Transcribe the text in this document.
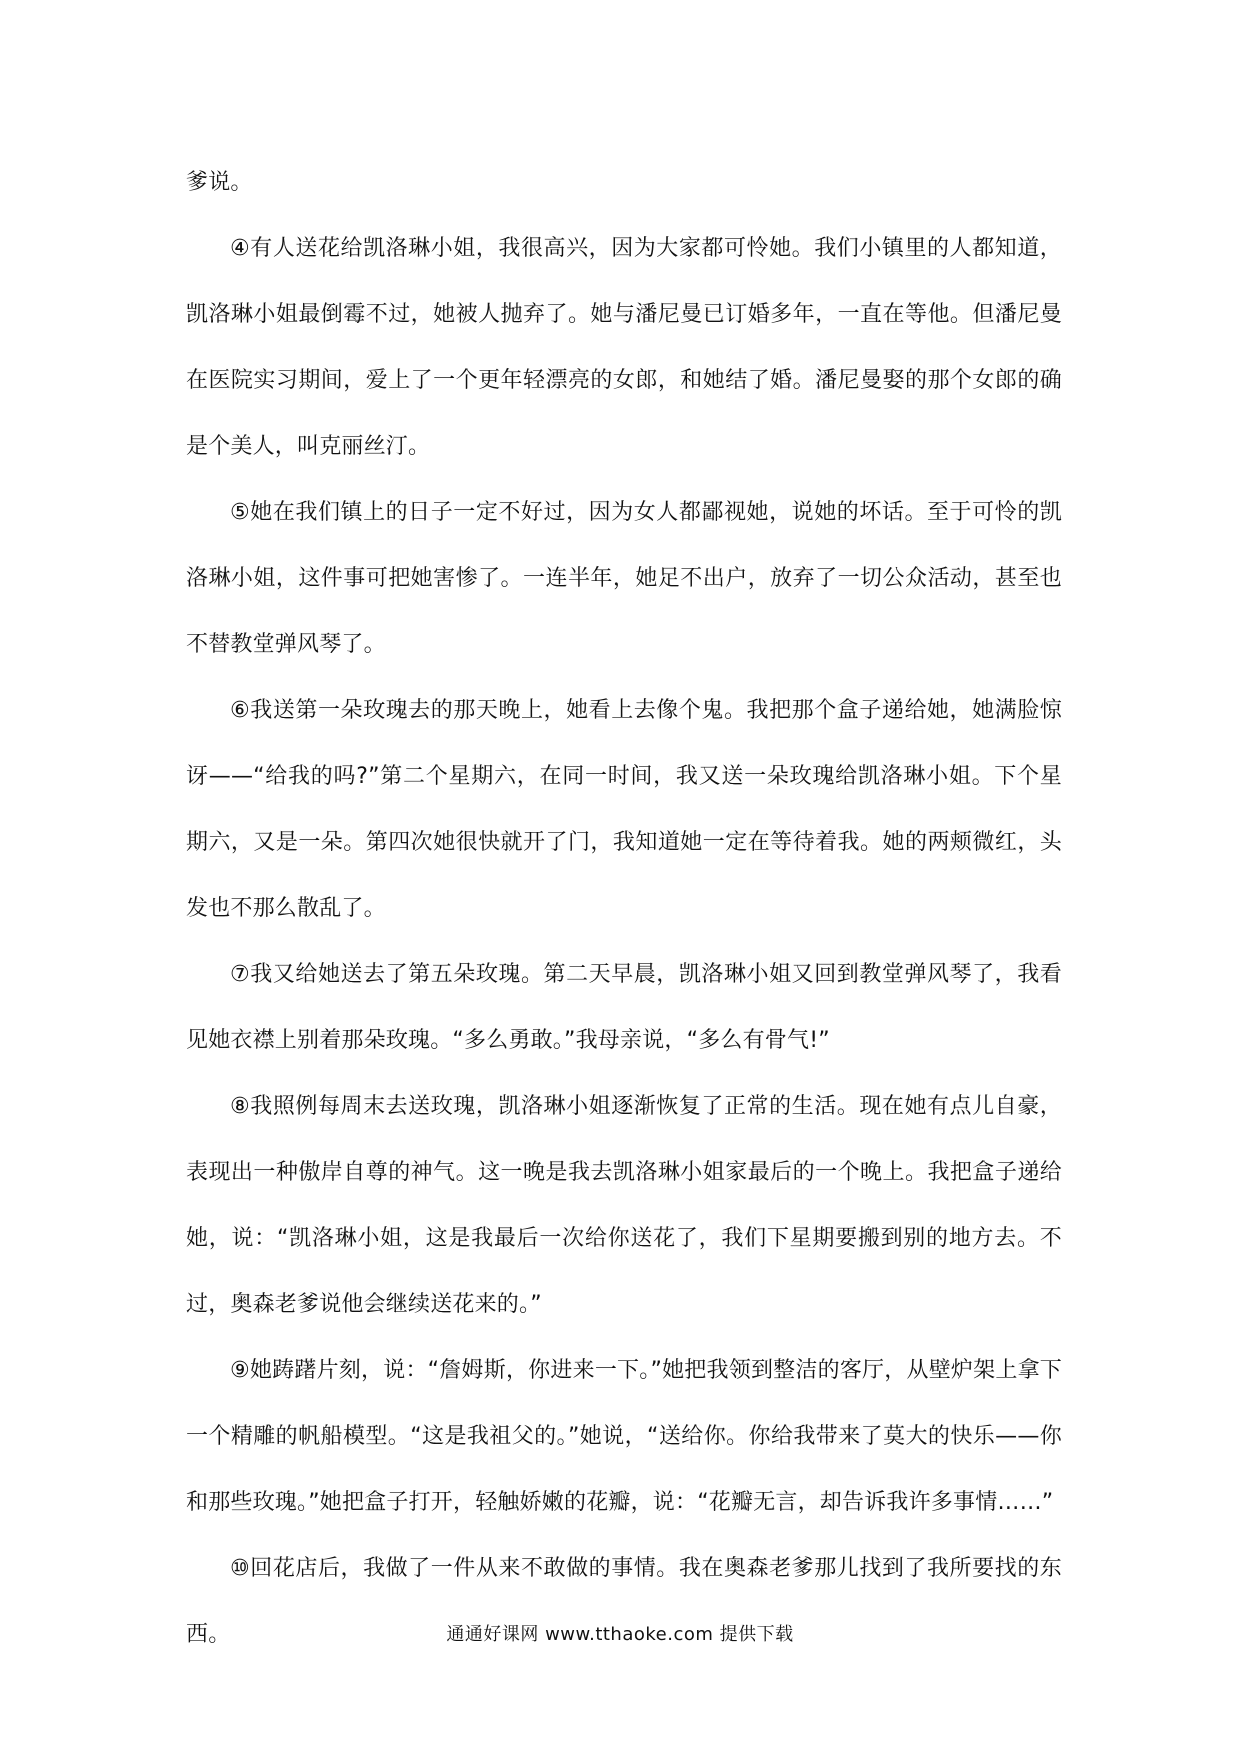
爹说。

④有人送花给凯洛琳小姐，我很高兴，因为大家都可怜她。我们小镇里的人都知道，凯洛琳小姐最倒霉不过，她被人抛弃了。她与潘尼曼已订婚多年，一直在等他。但潘尼曼在医院实习期间，爱上了一个更年轻漂亮的女郎，和她结了婚。潘尼曼娶的那个女郎的确是个美人，叫克丽丝汀。

⑤她在我们镇上的日子一定不好过，因为女人都鄙视她，说她的坏话。至于可怜的凯洛琳小姐，这件事可把她害惨了。一连半年，她足不出户，放弃了一切公众活动，甚至也不替教堂弹风琴了。

⑥我送第一朵玫瑰去的那天晚上，她看上去像个鬼。我把那个盒子递给她，她满脸惊讶——“给我的吗?”第二个星期六，在同一时间，我又送一朵玫瑰给凯洛琳小姐。下个星期六，又是一朵。第四次她很快就开了门，我知道她一定在等待着我。她的两颊微红，头发也不那么散乱了。

⑦我又给她送去了第五朵玫瑰。第二天早晨，凯洛琳小姐又回到教堂弹风琴了，我看见她衣襟上别着那朵玫瑰。“多么勇敢。”我母亲说，“多么有骨气!”

⑧我照例每周末去送玫瑰，凯洛琳小姐逐渐恢复了正常的生活。现在她有点儿自豪，表现出一种傲岸自尊的神气。这一晚是我去凯洛琳小姐家最后的一个晚上。我把盒子递给她，说：“凯洛琳小姐，这是我最后一次给你送花了，我们下星期要搬到别的地方去。不过，奥森老爹说他会继续送花来的。”

⑨她踌躇片刻，说：“詹姆斯，你进来一下。”她把我领到整洁的客厅，从壁炉架上拿下一个精雕的帆船模型。“这是我祖父的。”她说，“送给你。你给我带来了莫大的快乐——你和那些玫瑰。”她把盒子打开，轻触娇嫩的花瓣，说：“花瓣无言，却告诉我许多事情……”

⑩回花店后，我做了一件从来不敢做的事情。我在奥森老爹那儿找到了我所要找的东西。	通通好课网 www.tthaoke.com 提供下载
